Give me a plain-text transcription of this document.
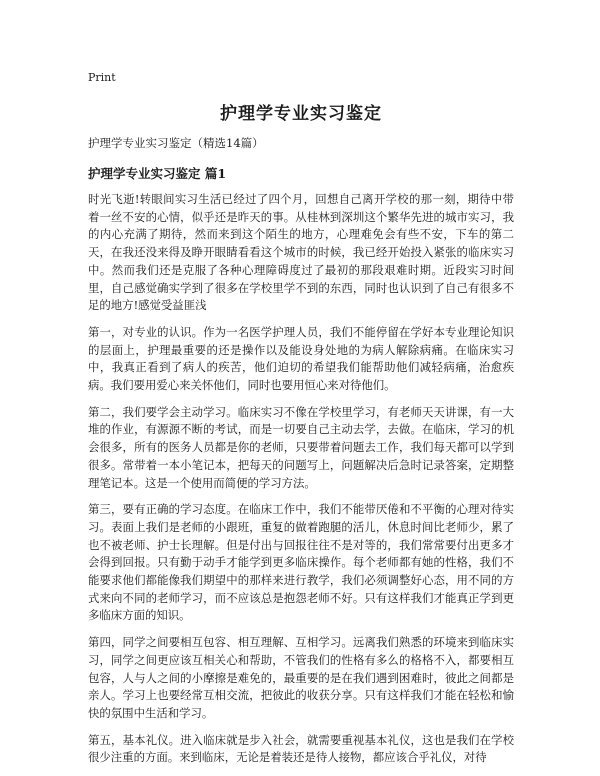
Print
护理学专业实习鉴定
护理学专业实习鉴定（精选14篇）
护理学专业实习鉴定 篇1

时光飞逝!转眼间实习生活已经过了四个月，回想自己离开学校的那一刻，期待中带着一丝不安的心情，似乎还是昨天的事。从桂林到深圳这个繁华先进的城市实习，我的内心充满了期待，然而来到这个陌生的地方，心理难免会有些不安，下车的第二天，在我还没来得及睁开眼睛看看这个城市的时候，我已经开始投入紧张的临床实习中。然而我们还是克服了各种心理障碍度过了最初的那段艰难时期。近段实习时间里，自己感觉确实学到了很多在学校里学不到的东西，同时也认识到了自己有很多不足的地方!感觉受益匪浅

第一，对专业的认识。作为一名医学护理人员，我们不能停留在学好本专业理论知识的层面上，护理最重要的还是操作以及能设身处地的为病人解除病痛。在临床实习中，我真正看到了病人的疾苦，他们迫切的希望我们能帮助他们减轻病痛，治愈疾病。我们要用爱心来关怀他们，同时也要用恒心来对待他们。

第二，我们要学会主动学习。临床实习不像在学校里学习，有老师天天讲课，有一大堆的作业，有源源不断的考试，而是一切要自己主动去学，去做。在临床，学习的机会很多，所有的医务人员都是你的老师，只要带着问题去工作，我们每天都可以学到很多。常带着一本小笔记本，把每天的问题写上，问题解决后急时记录答案，定期整理笔记本。这是一个使用而简便的学习方法。

第三，要有正确的学习态度。在临床工作中，我们不能带厌倦和不平衡的心理对待实习。表面上我们是老师的小跟班，重复的做着跑腿的活儿，休息时间比老师少，累了也不被老师、护士长理解。但是付出与回报往往不是对等的，我们常常要付出更多才会得到回报。只有勤于动手才能学到更多临床操作。每个老师都有她的性格，我们不能要求他们都能像我们期望中的那样来进行教学，我们必须调整好心态，用不同的方式来向不同的老师学习，而不应该总是抱怨老师不好。只有这样我们才能真正学到更多临床方面的知识。

第四，同学之间要相互包容、相互理解、互相学习。远离我们熟悉的环境来到临床实习，同学之间更应该互相关心和帮助，不管我们的性格有多么的格格不入，都要相互包容，人与人之间的小摩擦是难免的，最重要的是在我们遇到困难时，彼此之间都是亲人。学习上也要经常互相交流，把彼此的收获分享。只有这样我们才能在轻松和愉快的氛围中生活和学习。

第五，基本礼仪。进入临床就是步入社会，就需要重视基本礼仪，这也是我们在学校很少注重的方面。来到临床，无论是着装还是待人接物，都应该合乎礼仪，对待
